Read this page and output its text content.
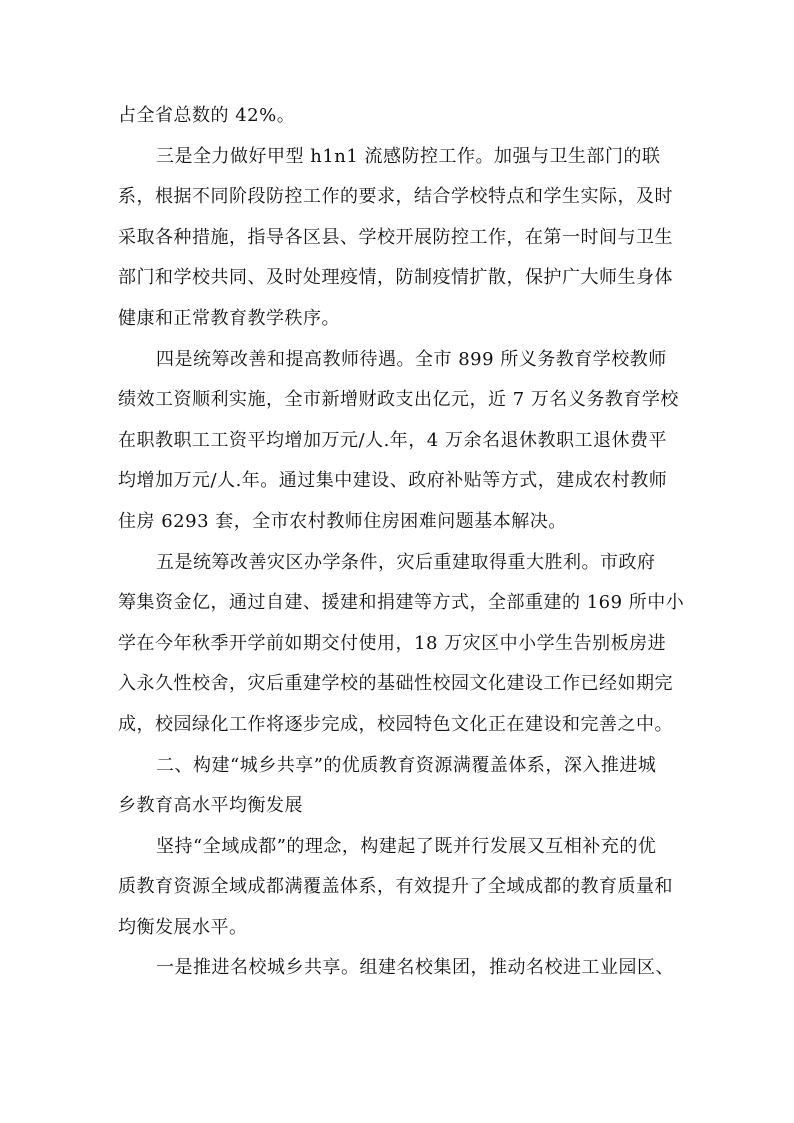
占全省总数的 42%。
三是全力做好甲型 h1n1 流感防控工作。加强与卫生部门的联
系，根据不同阶段防控工作的要求，结合学校特点和学生实际，及时
采取各种措施，指导各区县、学校开展防控工作，在第一时间与卫生
部门和学校共同、及时处理疫情，防制疫情扩散，保护广大师生身体
健康和正常教育教学秩序。
四是统筹改善和提高教师待遇。全市 899 所义务教育学校教师
绩效工资顺利实施，全市新增财政支出亿元，近 7 万名义务教育学校
在职教职工工资平均增加万元/人.年，4 万余名退休教职工退休费平
均增加万元/人.年。通过集中建设、政府补贴等方式，建成农村教师
住房 6293 套，全市农村教师住房困难问题基本解决。
五是统筹改善灾区办学条件，灾后重建取得重大胜利。市政府
筹集资金亿，通过自建、援建和捐建等方式，全部重建的 169 所中小
学在今年秋季开学前如期交付使用，18 万灾区中小学生告别板房进
入永久性校舍，灾后重建学校的基础性校园文化建设工作已经如期完
成，校园绿化工作将逐步完成，校园特色文化正在建设和完善之中。
二、构建“城乡共享”的优质教育资源满覆盖体系，深入推进城
乡教育高水平均衡发展
坚持“全域成都”的理念，构建起了既并行发展又互相补充的优
质教育资源全域成都满覆盖体系，有效提升了全域成都的教育质量和
均衡发展水平。
一是推进名校城乡共享。组建名校集团，推动名校进工业园区、
